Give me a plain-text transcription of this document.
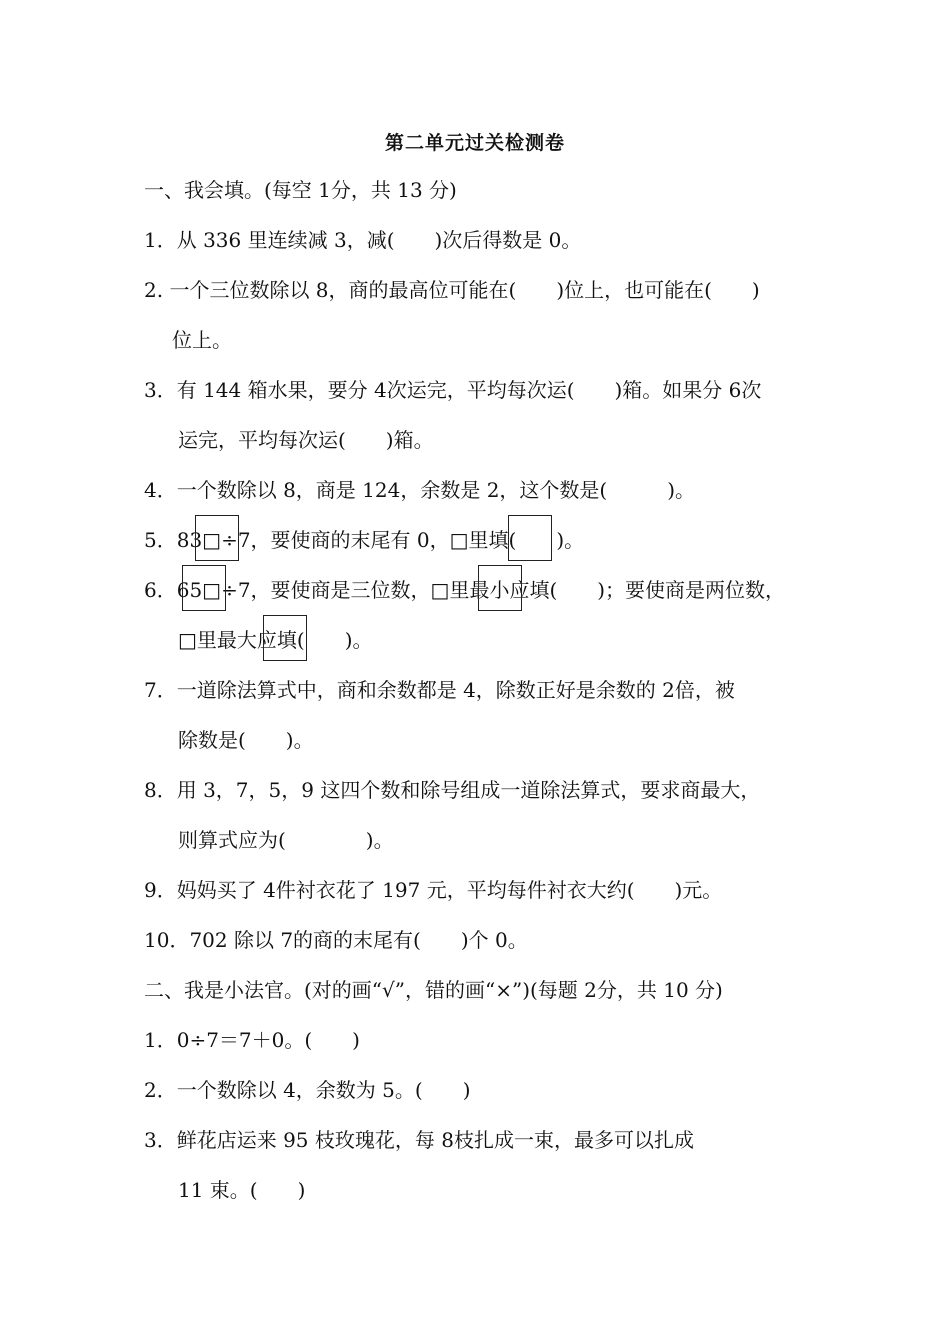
第二单元过关检测卷
一、我会填。(每空 1分，共 13 分)
1．从 336 里连续减 3，减(　　)次后得数是 0。
2. 一个三位数除以 8，商的最高位可能在(　　)位上，也可能在(　　)
位上。
3．有 144 箱水果，要分 4次运完，平均每次运(　　)箱。如果分 6次
运完，平均每次运(　　)箱。
4．一个数除以 8，商是 124，余数是 2，这个数是(　　　)。
5．83□÷7，要使商的末尾有 0，□里填(　　)。
6．65□÷7，要使商是三位数，□里最小应填(　　)；要使商是两位数，
□里最大应填(　　)。
7．一道除法算式中，商和余数都是 4，除数正好是余数的 2倍，被
除数是(　　)。
8．用 3，7，5，9 这四个数和除号组成一道除法算式，要求商最大，
则算式应为(　　　　)。
9．妈妈买了 4件衬衣花了 197 元，平均每件衬衣大约(　　)元。
10．702 除以 7的商的末尾有(　　)个 0。
二、我是小法官。(对的画“√”，错的画“×”)(每题 2分，共 10 分)
1．0÷7＝7＋0。(　　)
2．一个数除以 4，余数为 5。(　　)
3．鲜花店运来 95 枝玫瑰花，每 8枝扎成一束，最多可以扎成
11 束。(　　)
